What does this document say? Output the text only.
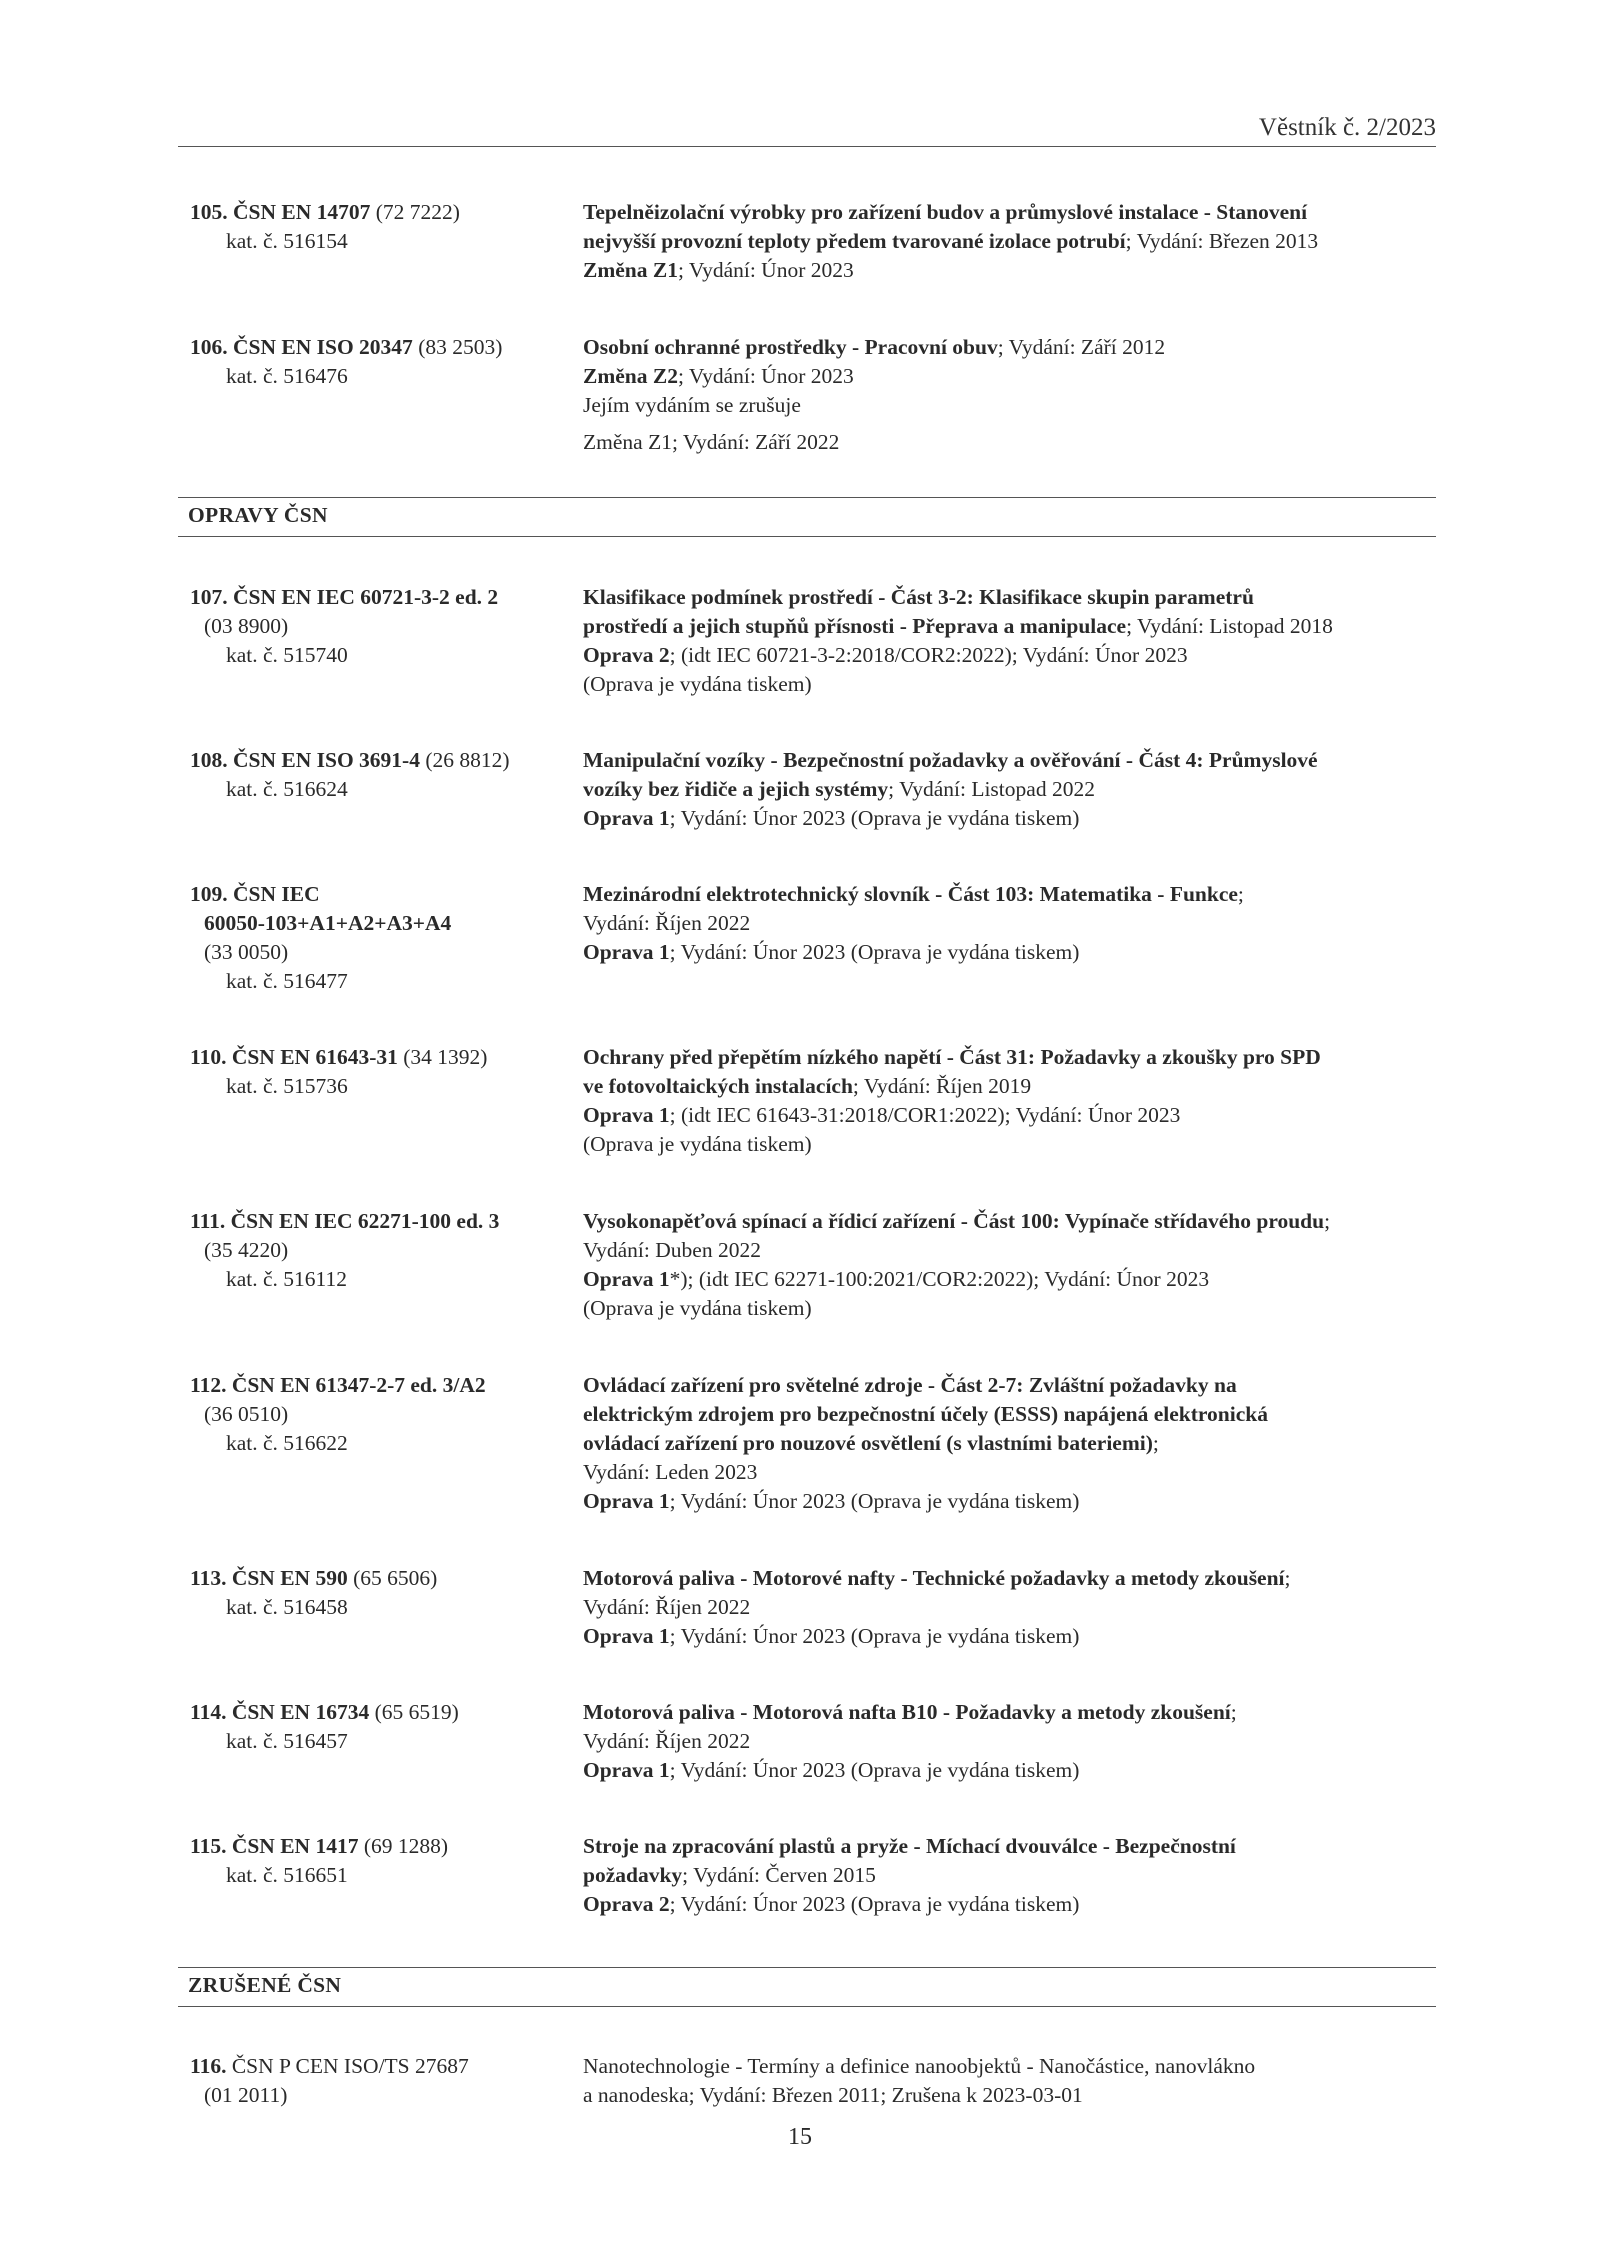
Věstník č. 2/2023
105. ČSN EN 14707 (72 7222)
kat. č. 516154
Tepelněizolační výrobky pro zařízení budov a průmyslové instalace - Stanovení
nejvyšší provozní teploty předem tvarované izolace potrubí; Vydání: Březen 2013
Změna Z1; Vydání: Únor 2023
106. ČSN EN ISO 20347 (83 2503)
kat. č. 516476
Osobní ochranné prostředky - Pracovní obuv; Vydání: Září 2012
Změna Z2; Vydání: Únor 2023
Jejím vydáním se zrušuje
Změna Z1; Vydání: Září 2022
OPRAVY ČSN
107. ČSN EN IEC 60721-3-2 ed. 2
(03 8900)
kat. č. 515740
Klasifikace podmínek prostředí - Část 3-2: Klasifikace skupin parametrů
prostředí a jejich stupňů přísnosti - Přeprava a manipulace; Vydání: Listopad 2018
Oprava 2; (idt IEC 60721-3-2:2018/COR2:2022); Vydání: Únor 2023
(Oprava je vydána tiskem)
108. ČSN EN ISO 3691-4 (26 8812)
kat. č. 516624
Manipulační vozíky - Bezpečnostní požadavky a ověřování - Část 4: Průmyslové
vozíky bez řidiče a jejich systémy; Vydání: Listopad 2022
Oprava 1; Vydání: Únor 2023 (Oprava je vydána tiskem)
109. ČSN IEC
60050-103+A1+A2+A3+A4
(33 0050)
kat. č. 516477
Mezinárodní elektrotechnický slovník - Část 103: Matematika - Funkce;
Vydání: Říjen 2022
Oprava 1; Vydání: Únor 2023 (Oprava je vydána tiskem)
110. ČSN EN 61643-31 (34 1392)
kat. č. 515736
Ochrany před přepětím nízkého napětí - Část 31: Požadavky a zkoušky pro SPD
ve fotovoltaických instalacích; Vydání: Říjen 2019
Oprava 1; (idt IEC 61643-31:2018/COR1:2022); Vydání: Únor 2023
(Oprava je vydána tiskem)
111. ČSN EN IEC 62271-100 ed. 3
(35 4220)
kat. č. 516112
Vysokonapěťová spínací a řídicí zařízení - Část 100: Vypínače střídavého proudu;
Vydání: Duben 2022
Oprava 1*); (idt IEC 62271-100:2021/COR2:2022); Vydání: Únor 2023
(Oprava je vydána tiskem)
112. ČSN EN 61347-2-7 ed. 3/A2
(36 0510)
kat. č. 516622
Ovládací zařízení pro světelné zdroje - Část 2-7: Zvláštní požadavky na
elektrickým zdrojem pro bezpečnostní účely (ESSS) napájená elektronická
ovládací zařízení pro nouzové osvětlení (s vlastními bateriemi);
Vydání: Leden 2023
Oprava 1; Vydání: Únor 2023 (Oprava je vydána tiskem)
113. ČSN EN 590 (65 6506)
kat. č. 516458
Motorová paliva - Motorové nafty - Technické požadavky a metody zkoušení;
Vydání: Říjen 2022
Oprava 1; Vydání: Únor 2023 (Oprava je vydána tiskem)
114. ČSN EN 16734 (65 6519)
kat. č. 516457
Motorová paliva - Motorová nafta B10 - Požadavky a metody zkoušení;
Vydání: Říjen 2022
Oprava 1; Vydání: Únor 2023 (Oprava je vydána tiskem)
115. ČSN EN 1417 (69 1288)
kat. č. 516651
Stroje na zpracování plastů a pryže - Míchací dvouválce - Bezpečnostní
požadavky; Vydání: Červen 2015
Oprava 2; Vydání: Únor 2023 (Oprava je vydána tiskem)
ZRUŠENÉ ČSN
116. ČSN P CEN ISO/TS 27687
(01 2011)
Nanotechnologie - Termíny a definice nanoobjektů - Nanočástice, nanovlákno
a nanodeska; Vydání: Březen 2011; Zrušena k 2023-03-01
15
